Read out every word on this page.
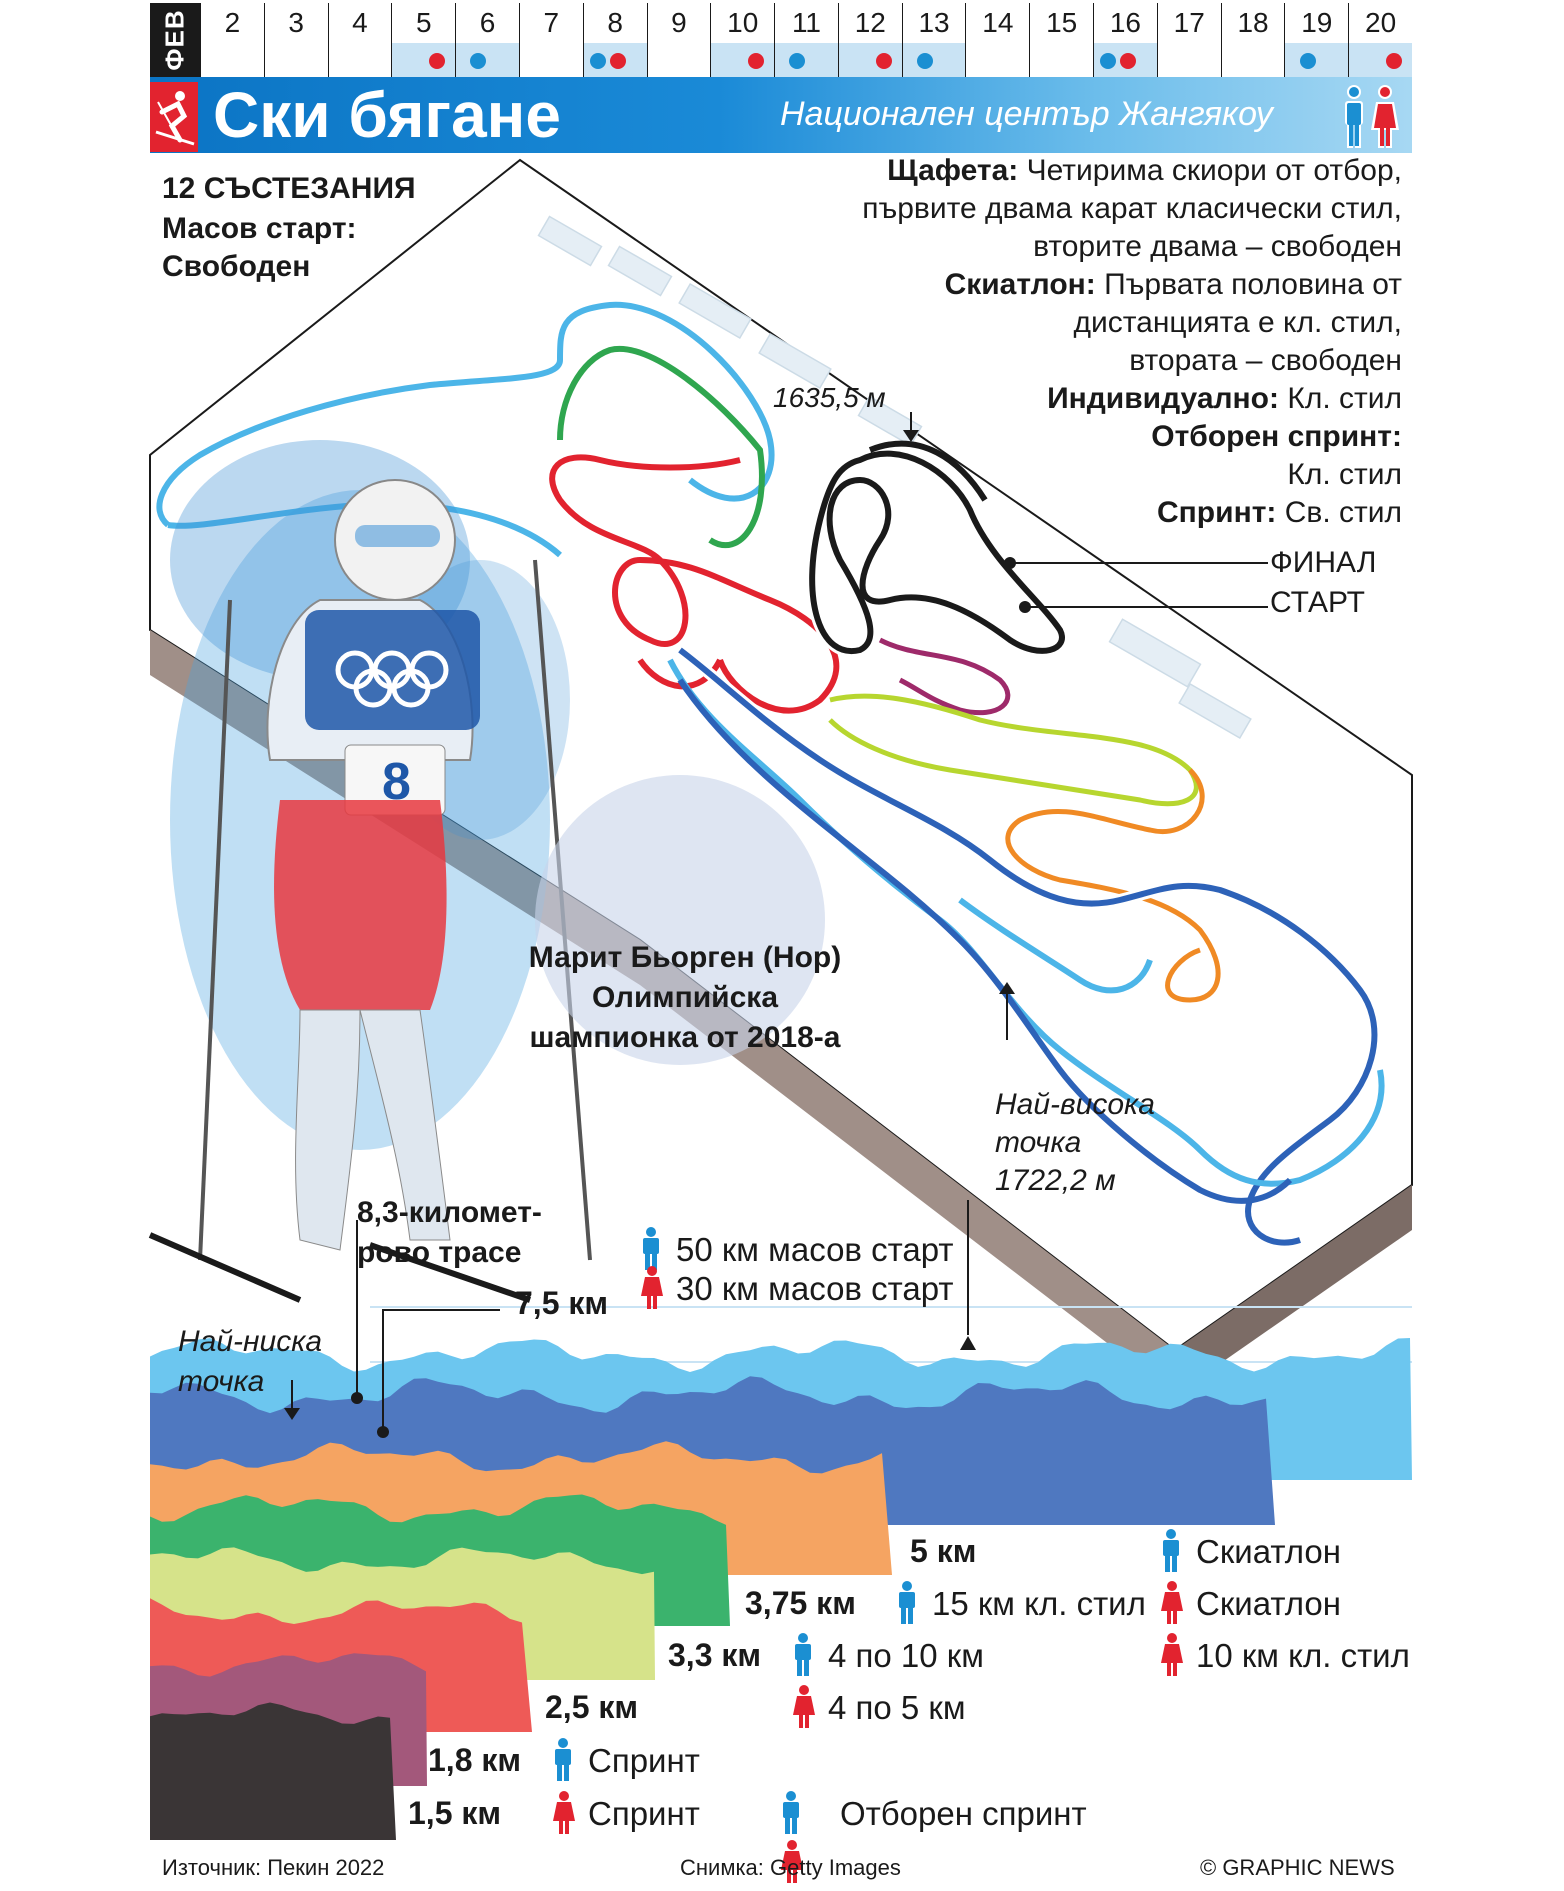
ФЕВ	2	3	4	5	6	7	8	9	10	11	12	13	14	15	16	17	18	19	20
Ски бягане	Национален център Жангякоу
12 СЪСТЕЗАНИЯ
Масов старт:
Свободен
Щафета: Четирима скиори от отбор,
първите двама карат класически стил,
вторите двама – свободен
Скиатлон: Първата половина от
дистанцията е кл. стил,
втората – свободен
Индивидуално: Кл. стил
Отборен спринт:
Кл. стил
Спринт: Св. стил
1635,5 м
ФИНАЛ
СТАРТ
Най-висока
точка
1722,2 м
Марит Бьорген (Нор)
Олимпийска
шампионка от 2018-а
8
8,3-километ-
рово трасе
7,5 км
Най-ниска
точка
5 км
3,75 км
3,3 км
2,5 км
1,8 км
1,5 км
50 км масов старт
30 км масов старт
Скиатлон
15 км кл. стил Скиатлон
4 по 10 км	10 км кл. стил
4 по 5 км
Спринт
Спринт	Отборен спринт
Източник: Пекин 2022	Снимка: Getty Images	© GRAPHIC NEWS
